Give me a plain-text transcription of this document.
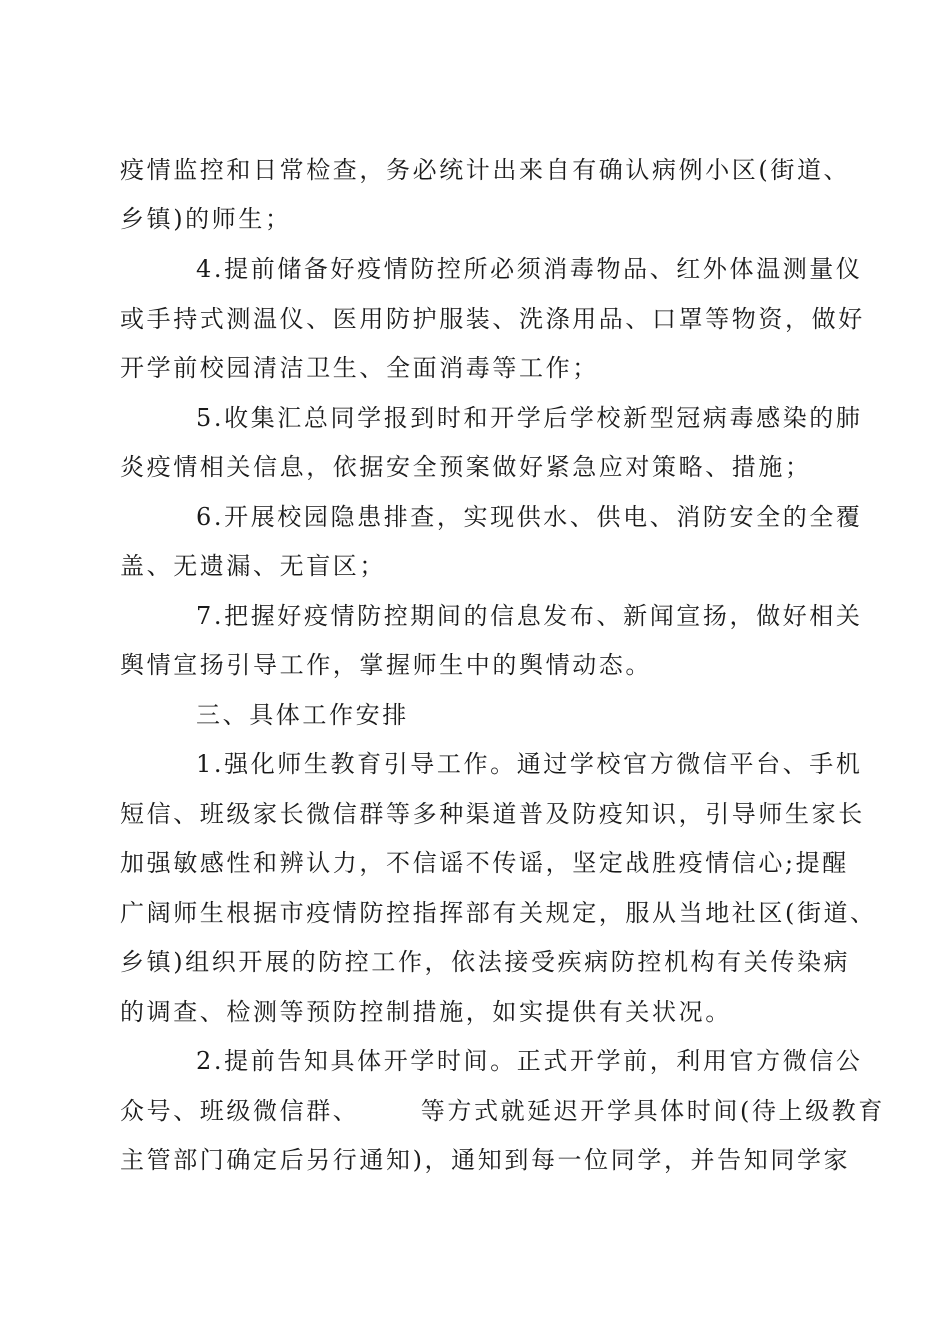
疫情监控和日常检查，务必统计出来自有确认病例小区(街道、
乡镇)的师生；
4.提前储备好疫情防控所必须消毒物品、红外体温测量仪
或手持式测温仪、医用防护服装、洗涤用品、口罩等物资，做好
开学前校园清洁卫生、全面消毒等工作；
5.收集汇总同学报到时和开学后学校新型冠病毒感染的肺
炎疫情相关信息，依据安全预案做好紧急应对策略、措施；
6.开展校园隐患排查，实现供水、供电、消防安全的全覆
盖、无遗漏、无盲区；
7.把握好疫情防控期间的信息发布、新闻宣扬，做好相关
舆情宣扬引导工作，掌握师生中的舆情动态。
三、具体工作安排
1.强化师生教育引导工作。通过学校官方微信平台、手机
短信、班级家长微信群等多种渠道普及防疫知识，引导师生家长
加强敏感性和辨认力，不信谣不传谣，坚定战胜疫情信心;提醒
广阔师生根据市疫情防控指挥部有关规定，服从当地社区(街道、
乡镇)组织开展的防控工作，依法接受疾病防控机构有关传染病
的调查、检测等预防控制措施，如实提供有关状况。
2.提前告知具体开学时间。正式开学前，利用官方微信公
众号、班级微信群、      等方式就延迟开学具体时间(待上级教育
主管部门确定后另行通知)，通知到每一位同学，并告知同学家
